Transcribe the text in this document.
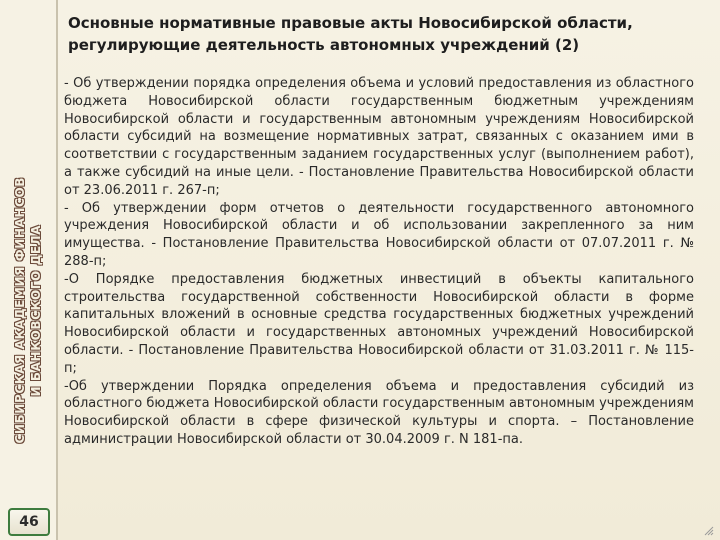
СИБИРСКАЯ АКАДЕМИЯ ФИНАНСОВ И БАНКОВСКОГО ДЕЛА
46
Основные нормативные правовые акты Новосибирской области,
регулирующие деятельность автономных учреждений (2)

- Об утверждении порядка определения объема и условий предоставления из областного бюджета Новосибирской области государственным бюджетным учреждениям Новосибирской области и государственным автономным учреждениям Новосибирской области субсидий на возмещение нормативных затрат, связанных с оказанием ими в соответствии с государственным заданием государственных услуг (выполнением работ), а также субсидий на иные цели. - Постановление Правительства Новосибирской области от 23.06.2011 г. 267-п;

- Об утверждении форм отчетов о деятельности государственного автономного учреждения Новосибирской области и об использовании закрепленного за ним имущества. - Постановление Правительства Новосибирской области от 07.07.2011 г. № 288-п;

-О Порядке предоставления бюджетных инвестиций в объекты капитального строительства государственной собственности Новосибирской области в форме капитальных вложений в основные средства государственных бюджетных учреждений Новосибирской области и государственных автономных учреждений Новосибирской области. - Постановление Правительства Новосибирской области от 31.03.2011 г. № 115-п;

-Об утверждении Порядка определения объема и предоставления субсидий из областного бюджета Новосибирской области государственным автономным учреждениям Новосибирской области в сфере физической культуры и спорта. – Постановление администрации Новосибирской области от 30.04.2009 г. N 181-па.
